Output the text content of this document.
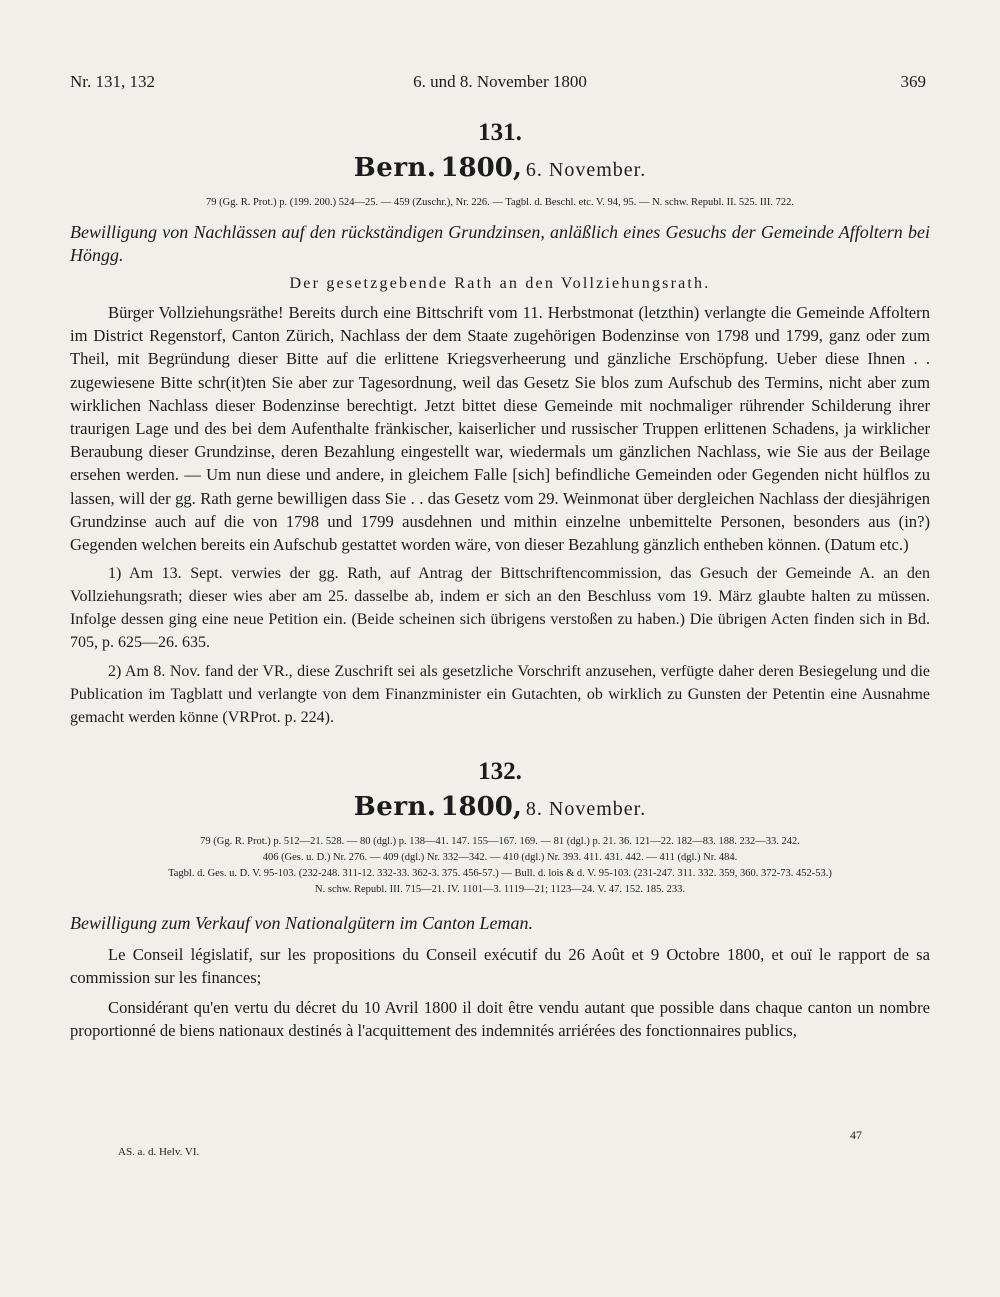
Nr. 131, 132	6. und 8. November 1800	369
131.
Bern. 1800, 6. November.
79 (Gg. R. Prot.) p. (199. 200.) 524—25. — 459 (Zuschr.), Nr. 226. — Tagbl. d. Beschl. etc. V. 94, 95. — N. schw. Republ. II. 525. III. 722.
Bewilligung von Nachlässen auf den rückständigen Grundzinsen, anläßlich eines Gesuchs der Gemeinde Affoltern bei Höngg.
Der gesetzgebende Rath an den Vollziehungsrath.

Bürger Vollziehungsräthe! Bereits durch eine Bittschrift vom 11. Herbstmonat (letzthin) verlangte die Gemeinde Affoltern im District Regenstorf, Canton Zürich, Nachlass der dem Staate zugehörigen Bodenzinse von 1798 und 1799, ganz oder zum Theil, mit Begründung dieser Bitte auf die erlittene Kriegsverheerung und gänzliche Erschöpfung. Ueber diese Ihnen . . zugewiesene Bitte schr(it)ten Sie aber zur Tagesordnung, weil das Gesetz Sie blos zum Aufschub des Termins, nicht aber zum wirklichen Nachlass dieser Bodenzinse berechtigt. Jetzt bittet diese Gemeinde mit nochmaliger rührender Schilderung ihrer traurigen Lage und des bei dem Aufenthalte fränkischer, kaiserlicher und russischer Truppen erlittenen Schadens, ja wirklicher Beraubung dieser Grundzinse, deren Bezahlung eingestellt war, wiedermals um gänzlichen Nachlass, wie Sie aus der Beilage ersehen werden. — Um nun diese und andere, in gleichem Falle [sich] befindliche Gemeinden oder Gegenden nicht hülflos zu lassen, will der gg. Rath gerne bewilligen dass Sie . . das Gesetz vom 29. Weinmonat über dergleichen Nachlass der diesjährigen Grundzinse auch auf die von 1798 und 1799 ausdehnen und mithin einzelne unbemittelte Personen, besonders aus (in?) Gegenden welchen bereits ein Aufschub gestattet worden wäre, von dieser Bezahlung gänzlich entheben können. (Datum etc.)

1) Am 13. Sept. verwies der gg. Rath, auf Antrag der Bittschriftencommission, das Gesuch der Gemeinde A. an den Vollziehungsrath; dieser wies aber am 25. dasselbe ab, indem er sich an den Beschluss vom 19. März glaubte halten zu müssen. Infolge dessen ging eine neue Petition ein. (Beide scheinen sich übrigens verstoßen zu haben.) Die übrigen Acten finden sich in Bd. 705, p. 625—26. 635.

2) Am 8. Nov. fand der VR., diese Zuschrift sei als gesetzliche Vorschrift anzusehen, verfügte daher deren Besiegelung und die Publication im Tagblatt und verlangte von dem Finanzminister ein Gutachten, ob wirklich zu Gunsten der Petentin eine Ausnahme gemacht werden könne (VRProt. p. 224).

132.
Bern. 1800, 8. November.
79 (Gg. R. Prot.) p. 512—21. 528. — 80 (dgl.) p. 138—41. 147. 155—167. 169. — 81 (dgl.) p. 21. 36. 121—22. 182—83. 188. 232—33. 242.
406 (Ges. u. D.) Nr. 276. — 409 (dgl.) Nr. 332—342. — 410 (dgl.) Nr. 393. 411. 431. 442. — 411 (dgl.) Nr. 484.
Tagbl. d. Ges. u. D. V. 95-103. (232-248. 311-12. 332-33. 362-3. 375. 456-57.) — Bull. d. lois & d. V. 95-103. (231-247. 311. 332. 359, 360. 372-73. 452-53.)
N. schw. Republ. III. 715—21. IV. 1101—3. 1119—21; 1123—24. V. 47. 152. 185. 233.
Bewilligung zum Verkauf von Nationalgütern im Canton Leman.

Le Conseil législatif, sur les propositions du Conseil exécutif du 26 Août et 9 Octobre 1800, et ouï le rapport de sa commission sur les finances;

Considérant qu'en vertu du décret du 10 Avril 1800 il doit être vendu autant que possible dans chaque canton un nombre proportionné de biens nationaux destinés à l'acquittement des indemnités arriérées des fonctionnaires publics,

47
AS. a. d. Helv. VI.
